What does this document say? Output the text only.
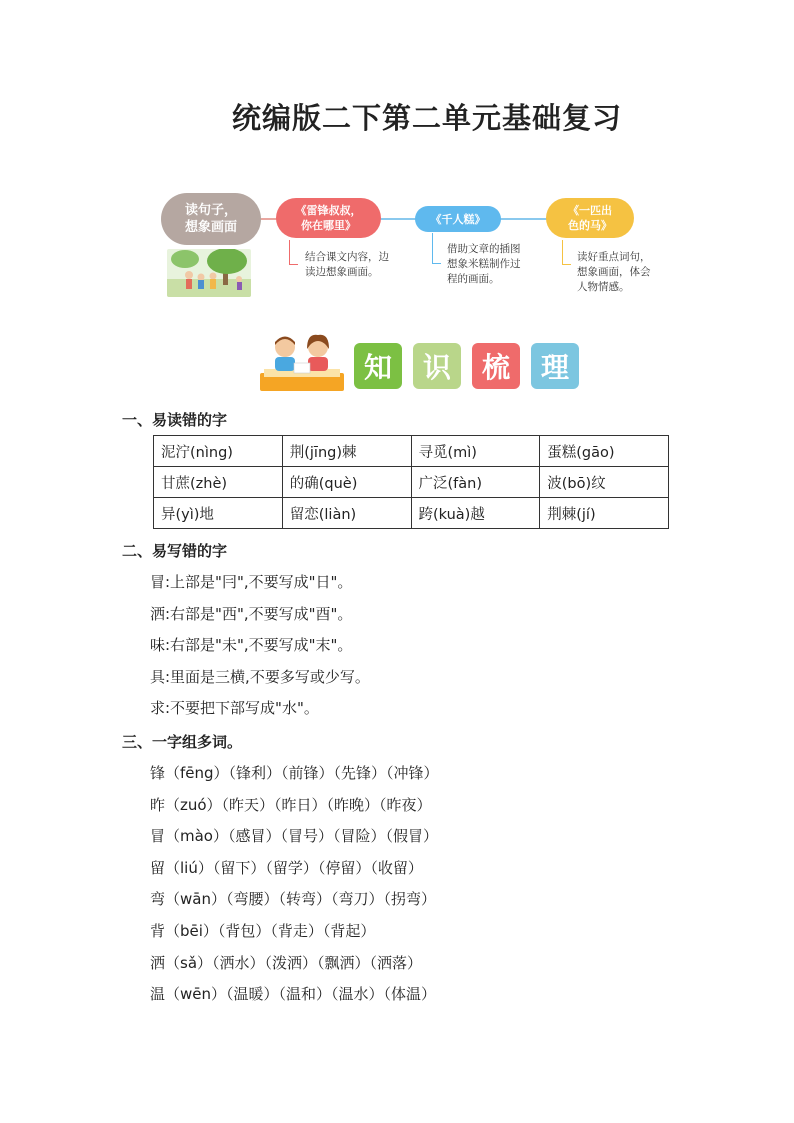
统编版二下第二单元基础复习
读句子，
想象画面
《雷锋叔叔，
你在哪里》	《千人糕》
《一匹出
色的马》
结合课文内容，边
读边想象画面。
借助文章的插图
想象米糕制作过
程的画面。
读好重点词句，
想象画面，体会
人物情感。
知	识	梳	理
一、易读错的字
泥泞(nìng)	荆(jīng)棘	寻觅(mì)	蛋糕(gāo)
甘蔗(zhè)	的确(què)	广泛(fàn)	波(bō)纹
异(yì)地	留恋(liàn)	跨(kuà)越	荆棘(jí)
二、易写错的字
冒:上部是"冃",不要写成"日"。
洒:右部是"西",不要写成"酉"。
味:右部是"未",不要写成"末"。
具:里面是三横,不要多写或少写。
求:不要把下部写成"水"。
三、一字组多词。
锋（fēng）（锋利）（前锋）（先锋）（冲锋）
昨（zuó）（昨天）（昨日）（昨晚）（昨夜）
冒（mào）（感冒）（冒号）（冒险）（假冒）
留（liú）（留下）（留学）（停留）（收留）
弯（wān）（弯腰）（转弯）（弯刀）（拐弯）
背（bēi）（背包）（背走）（背起）
洒（sǎ）（洒水）（泼洒）（飘洒）（洒落）
温（wēn）（温暖）（温和）（温水）（体温）
